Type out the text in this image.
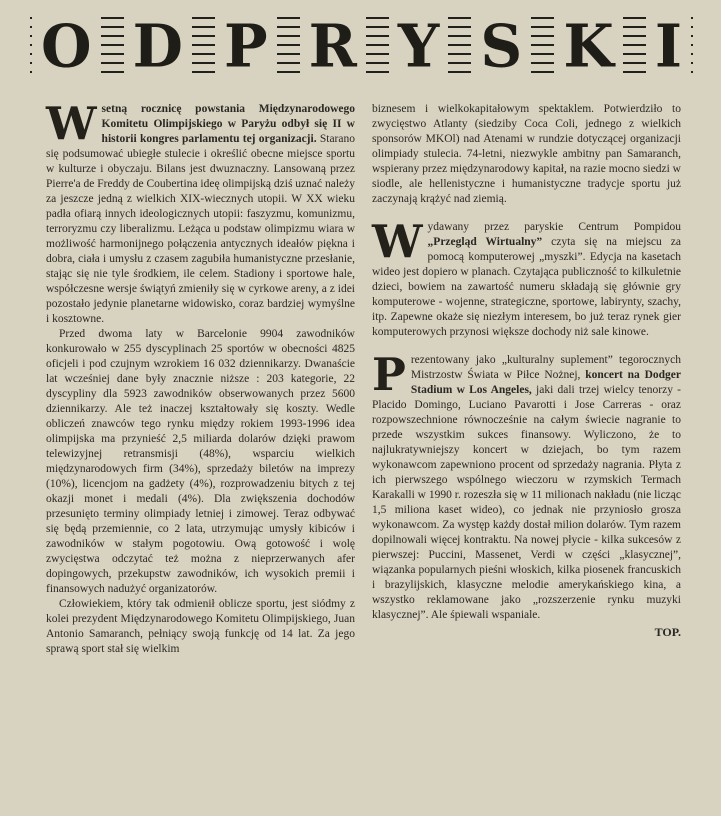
O D P R Y S K I

Wsetną rocznicę powstania Międzynarodowego Komitetu Olimpijskiego w Paryżu odbył się II w historii kongres parlamentu tej organizacji. Starano się podsumować ubiegłe stulecie i określić obecne miejsce sportu w kulturze i obyczaju. Bilans jest dwuznaczny. Lansowaną przez Pierre'a de Freddy de Coubertina ideę olimpijską dziś uznać należy za jeszcze jedną z wielkich XIX-wiecznych utopii. W XX wieku padła ofiarą innych ideologicznych utopii: faszyzmu, komunizmu, terroryzmu czy liberalizmu. Leżąca u podstaw olimpizmu wiara w możliwość harmonijnego połączenia antycznych ideałów piękna i dobra, ciała i umysłu z czasem zagubiła humanistyczne przesłanie, stając się nie tyle środkiem, ile celem. Stadiony i sportowe hale, współczesne wersje świątyń zmieniły się w cyrkowe areny, a z idei pozostało jedynie planetarne widowisko, coraz bardziej wymyślne i kosztowne.

Przed dwoma laty w Barcelonie 9904 zawodników konkurowało w 255 dyscyplinach 25 sportów w obecności 4825 oficjeli i pod czujnym wzrokiem 16 032 dziennikarzy. Dwanaście lat wcześniej dane były znacznie niższe : 203 kategorie, 22 dyscypliny dla 5923 zawodników obserwowanych przez 5600 dziennikarzy. Ale też inaczej kształtowały się koszty. Wedle obliczeń znawców tego rynku między rokiem 1993-1996 idea olimpijska ma przynieść 2,5 miliarda dolarów dzięki prawom telewizyjnej retransmisji (48%), wsparciu wielkich międzynarodowych firm (34%), sprzedaży biletów na imprezy (10%), licencjom na gadżety (4%), rozprowadzeniu bitych z tej okazji monet i medali (4%). Dla zwiększenia dochodów przesunięto terminy olimpiady letniej i zimowej. Teraz odbywać się będą przemiennie, co 2 lata, utrzymując umysły kibiców i zawodników w stałym pogotowiu. Ową gotowość i wolę zwycięstwa odczytać też można z nieprzerwanych afer dopingowych, przekupstw zawodników, ich wysokich premii i finansowych nadużyć organizatorów.

Człowiekiem, który tak odmienił oblicze sportu, jest siódmy z kolei prezydent Międzynarodowego Komitetu Olimpijskiego, Juan Antonio Samaranch, pełniący swoją funkcję od 14 lat. Za jego sprawą sport stał się wielkim

biznesem i wielkokapitałowym spektaklem. Potwierdziło to zwycięstwo Atlanty (siedziby Coca Coli, jednego z wielkich sponsorów MKOl) nad Atenami w rundzie dotyczącej organizacji olimpiady stulecia. 74-letni, niezwykle ambitny pan Samaranch, wspierany przez międzynarodowy kapitał, na razie mocno siedzi w siodle, ale hellenistyczne i humanistyczne tradycje sportu już zaczynają krążyć nad ziemią.

Wydawany przez paryskie Centrum Pompidou „Przegląd Wirtualny” czyta się na miejscu za pomocą komputerowej „myszki”. Edycja na kasetach wideo jest dopiero w planach. Czytająca publiczność to kilkuletnie dzieci, bowiem na zawartość numeru składają się głównie gry komputerowe - wojenne, strategiczne, sportowe, labirynty, szachy, itp. Zapewne okaże się niezłym interesem, bo już teraz rynek gier komputerowych przynosi większe dochody niż sale kinowe.

Prezentowany jako „kulturalny suplement” tegorocznych Mistrzostw Świata w Piłce Nożnej, koncert na Dodger Stadium w Los Angeles, jaki dali trzej wielcy tenorzy - Placido Domingo, Luciano Pavarotti i Jose Carreras - oraz rozpowszechnione równocześnie na całym świecie nagranie to przede wszystkim sukces finansowy. Wyliczono, że to najlukratywniejszy koncert w dziejach, bo tym razem wykonawcom zapewniono procent od sprzedaży nagrania. Płyta z ich pierwszego wspólnego wieczoru w rzymskich Termach Karakalli w 1990 r. rozeszła się w 11 milionach nakładu (nie licząc 1,5 miliona kaset wideo), co jednak nie przyniosło grosza wykonawcom. Za występ każdy dostał milion dolarów. Tym razem dopilnowali więcej kontraktu. Na nowej płycie - kilka sukcesów z pierwszej: Puccini, Massenet, Verdi w części „klasycznej”, wiązanka popularnych pieśni włoskich, kilka piosenek francuskich i brazylijskich, klasyczne melodie amerykańskiego kina, a wszystko reklamowane jako „rozszerzenie rynku muzyki klasycznej”. Ale śpiewali wspaniale.

TOP.
